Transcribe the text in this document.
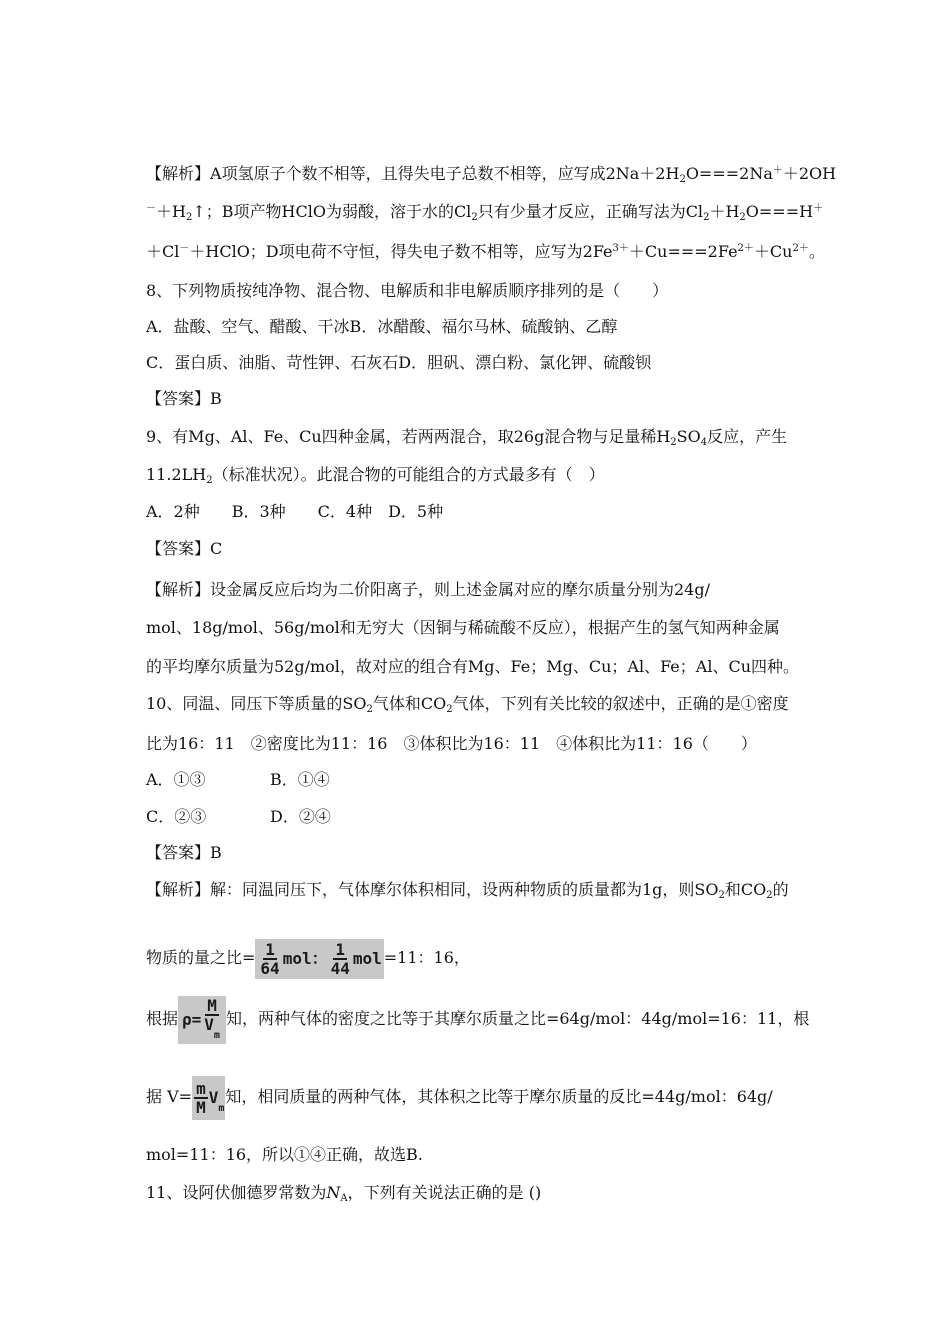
【解析】A项氢原子个数不相等，且得失电子总数不相等，应写成$2Na+2H_2O===2Na^++2OH$
$^-+H_2↑$；B项产物HClO为弱酸，溶于水的$Cl_2$只有少量才反应，正确写法为$Cl_2+H_2O===H^+$
＋Cl－＋HClO；D项电荷不守恒，得失电子数不相等，应写为$2Fe^{3+}+Cu===2Fe^{2+}+Cu^{2+}$。
8、下列物质按纯净物、混合物、电解质和非电解质顺序排列的是（　　）
A．盐酸、空气、醋酸、干冰B．冰醋酸、福尔马林、硫酸钠、乙醇
C．蛋白质、油脂、苛性钾、石灰石D．胆矾、漂白粉、氯化钾、硫酸钡
【答案】B
9、有Mg、Al、Fe、Cu四种金属，若两两混合，取26g混合物与足量稀$H_2SO_4$反应，产生
$11.2LH_2$（标准状况）。此混合物的可能组合的方式最多有（　）
A．2种　　B．3种　　C．4种　D．5种
【答案】C
【解析】设金属反应后均为二价阳离子，则上述金属对应的摩尔质量分别为24g/
mol、18g/mol、56g/mol和无穷大（因铜与稀硫酸不反应），根据产生的氢气知两种金属
的平均摩尔质量为52g/mol，故对应的组合有Mg、Fe；Mg、Cu；Al、Fe；Al、Cu四种。
10、同温、同压下等质量的$SO_2$气体和$CO_2$气体，下列有关比较的叙述中，正确的是①密度
比为16：11　②密度比为11：16　③体积比为16：11　④体积比为11：16（　　）
A．①③	B．①④
C．②③	D．②④
【答案】B
【解析】解：同温同压下，气体摩尔体积相同，设两种物质的质量都为1g，则$SO_2$和$CO_2$的
物质的量之比= $\frac{1}{64}$ mol： $\frac{1}{44}$ mol =11：16，
根据 $\rho= \frac{M}{V_m}$ 知，两种气体的密度之比等于其摩尔质量之比=64g/mol：44g/mol=16：11，根
据 $V= \frac{m}{M} V_m$知，相同质量的两种气体，其体积之比等于摩尔质量的反比=44g/mol：64g/
mol=11：16，所以①④正确，故选B.
11、设阿伏伽德罗常数为$N_A$，下列有关说法正确的是 ()
